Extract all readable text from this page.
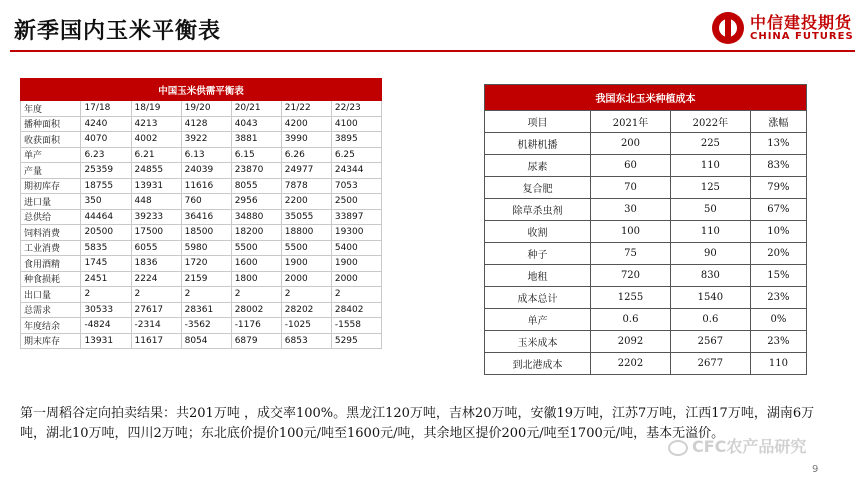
新季国内玉米平衡表	中信建投期货
CHINA FUTURES
中国玉米供需平衡表						
年度	17/18	18/19	19/20	20/21	21/22	22/23
播种面积	4240	4213	4128	4043	4200	4100
收获面积	4070	4002	3922	3881	3990	3895
单产	6.23	6.21	6.13	6.15	6.26	6.25
产量	25359	24855	24039	23870	24977	24344
期初库存	18755	13931	11616	8055	7878	7053
进口量	350	448	760	2956	2200	2500
总供给	44464	39233	36416	34880	35055	33897
饲料消费	20500	17500	18500	18200	18800	19300
工业消费	5835	6055	5980	5500	5500	5400
食用酒精	1745	1836	1720	1600	1900	1900
种食损耗	2451	2224	2159	1800	2000	2000
出口量	2	2	2	2	2	2
总需求	30533	27617	28361	28002	28202	28402
年度结余	-4824	-2314	-3562	-1176	-1025	-1558
期末库存	13931	11617	8054	6879	6853	5295
我国东北玉米种植成本			
项目	2021年	2022年	涨幅
机耕机播	200	225	13%
尿素	60	110	83%
复合肥	70	125	79%
除草杀虫剂	30	50	67%
收割	100	110	10%
种子	75	90	20%
地租	720	830	15%
成本总计	1255	1540	23%
单产	0.6	0.6	0%
玉米成本	2092	2567	23%
到北港成本	2202	2677	110
第一周稻谷定向拍卖结果：共201万吨 ，成交率100%。黑龙江120万吨，吉林20万吨，安徽19万吨，江苏7万吨，江西17万吨，湖南6万吨，湖北10万吨，四川2万吨；东北底价提价100元/吨至1600元/吨，其余地区提价200元/吨至1700元/吨，基本无溢价。
CFC农产品研究
9
